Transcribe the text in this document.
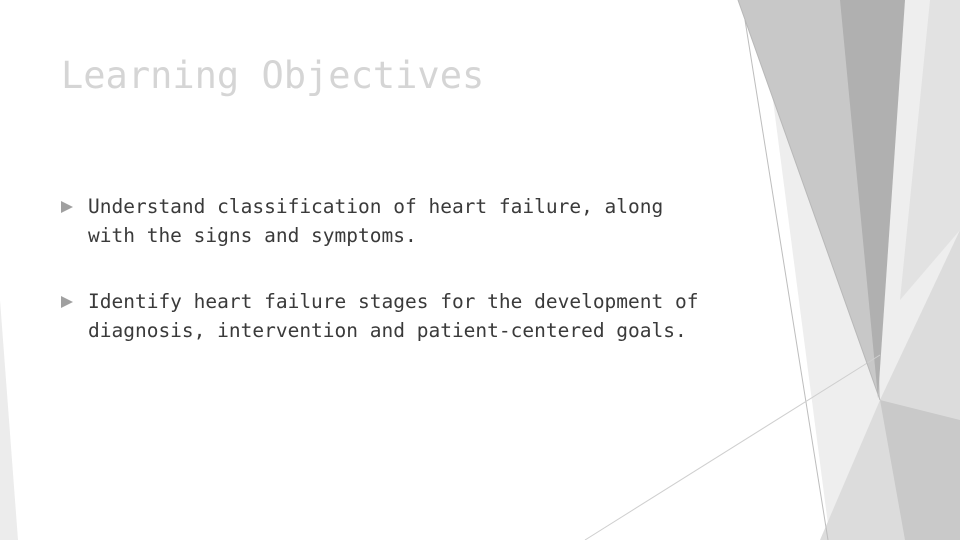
Learning Objectives
Understand classification of heart failure, along with the signs and symptoms.
Identify heart failure stages for the development of diagnosis, intervention and patient-centered goals.
